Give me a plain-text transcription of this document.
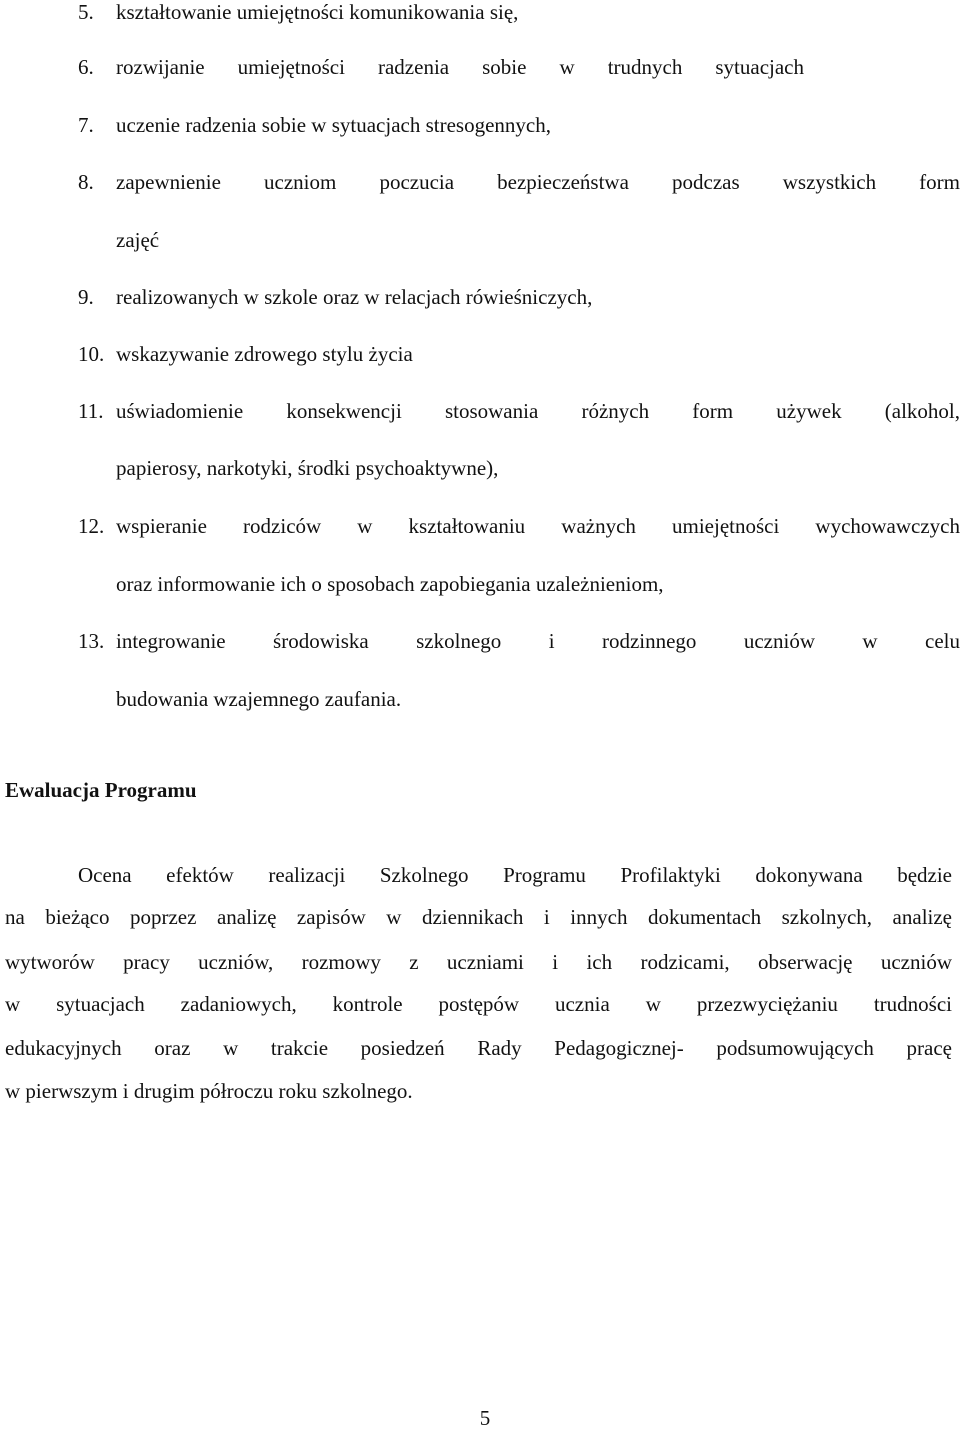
5. kształtowanie umiejętności komunikowania się,
6. rozwijanie umiejętności radzenia sobie w trudnych sytuacjach
7. uczenie radzenia sobie w sytuacjach stresogennych,
8. zapewnienie uczniom poczucia bezpieczeństwa podczas wszystkich form
zajęć
9. realizowanych w szkole oraz w relacjach rówieśniczych,
10. wskazywanie zdrowego stylu życia
11. uświadomienie konsekwencji stosowania różnych form używek (alkohol,
papierosy, narkotyki, środki psychoaktywne),
12. wspieranie rodziców w kształtowaniu ważnych umiejętności wychowawczych
oraz informowanie ich o sposobach zapobiegania uzależnieniom,
13. integrowanie środowiska szkolnego i rodzinnego uczniów w celu
budowania wzajemnego zaufania.
Ewaluacja Programu
Ocena efektów realizacji Szkolnego Programu Profilaktyki dokonywana będzie
na bieżąco poprzez analizę zapisów w dziennikach i innych dokumentach szkolnych, analizę
wytworów pracy uczniów, rozmowy z uczniami i ich rodzicami, obserwację uczniów
w sytuacjach zadaniowych, kontrole postępów ucznia w przezwyciężaniu trudności
edukacyjnych oraz w trakcie posiedzeń Rady Pedagogicznej- podsumowujących pracę
w pierwszym i drugim półroczu roku szkolnego.
5
